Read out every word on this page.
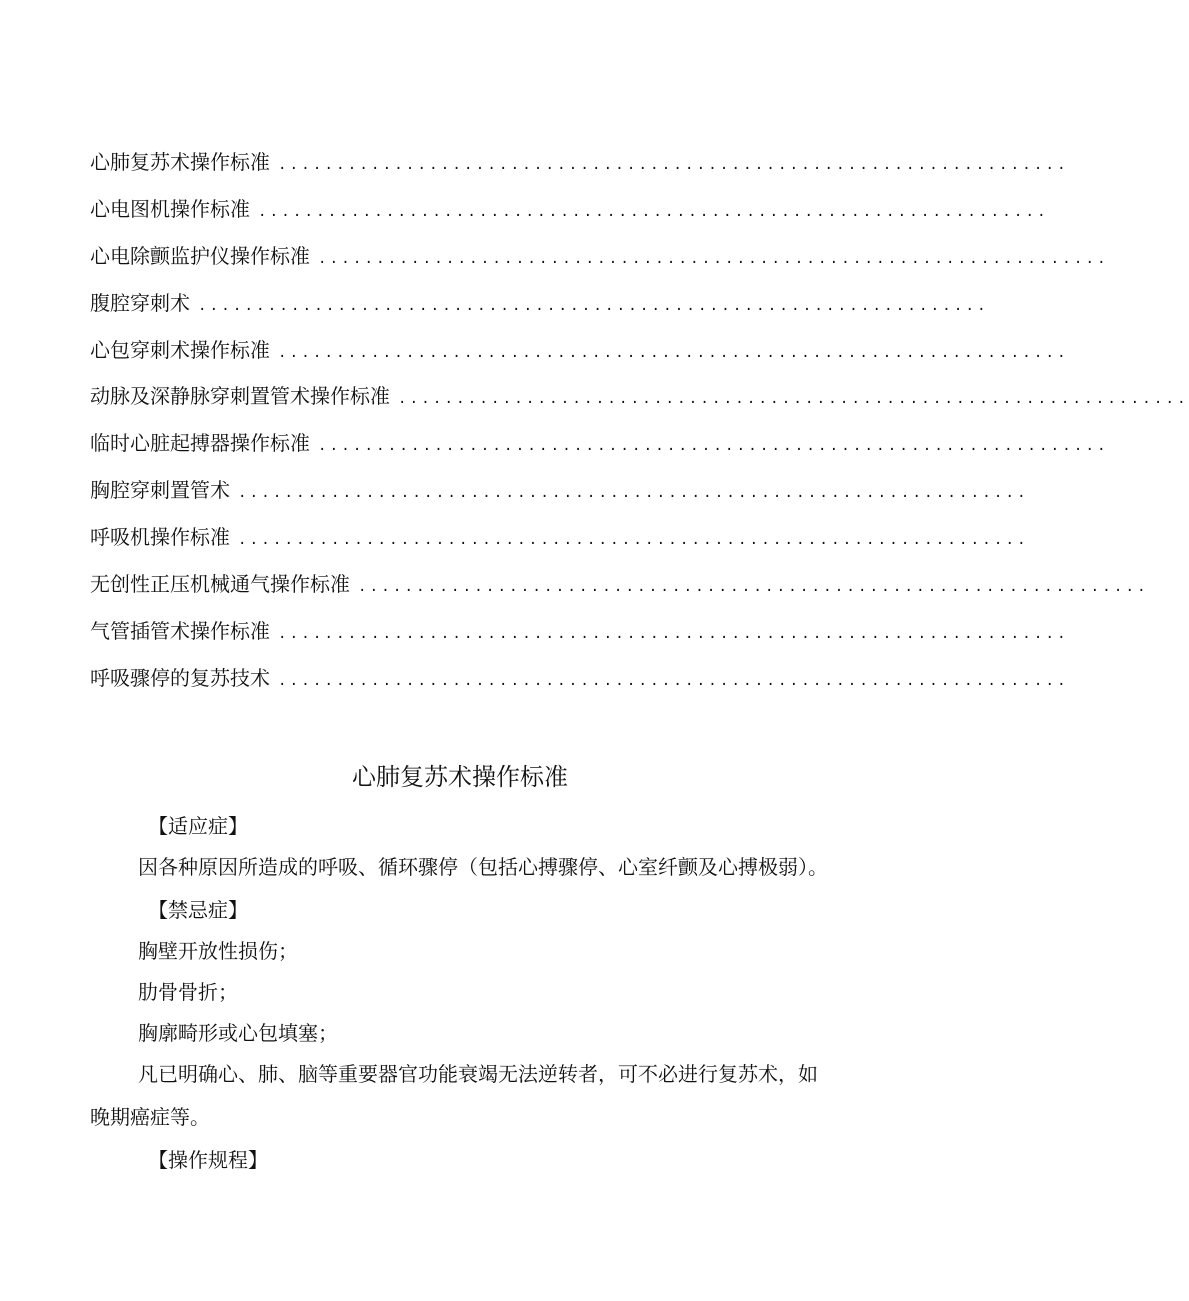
心肺复苏术操作标准 ....................................................................
心电图机操作标准 ....................................................................
心电除颤监护仪操作标准 ....................................................................
腹腔穿刺术 ....................................................................
心包穿刺术操作标准 ....................................................................
动脉及深静脉穿刺置管术操作标准 ....................................................................
临时心脏起搏器操作标准 ....................................................................
胸腔穿刺置管术 ....................................................................
呼吸机操作标准 ....................................................................
无创性正压机械通气操作标准 ....................................................................
气管插管术操作标准 ....................................................................
呼吸骤停的复苏技术 ....................................................................
心肺复苏术操作标准

【适应症】

因各种原因所造成的呼吸、循环骤停（包括心搏骤停、心室纤颤及心搏极弱）。

【禁忌症】

胸壁开放性损伤；

肋骨骨折；

胸廓畸形或心包填塞；

凡已明确心、肺、脑等重要器官功能衰竭无法逆转者，可不必进行复苏术，如晚期癌症等。

【操作规程】
